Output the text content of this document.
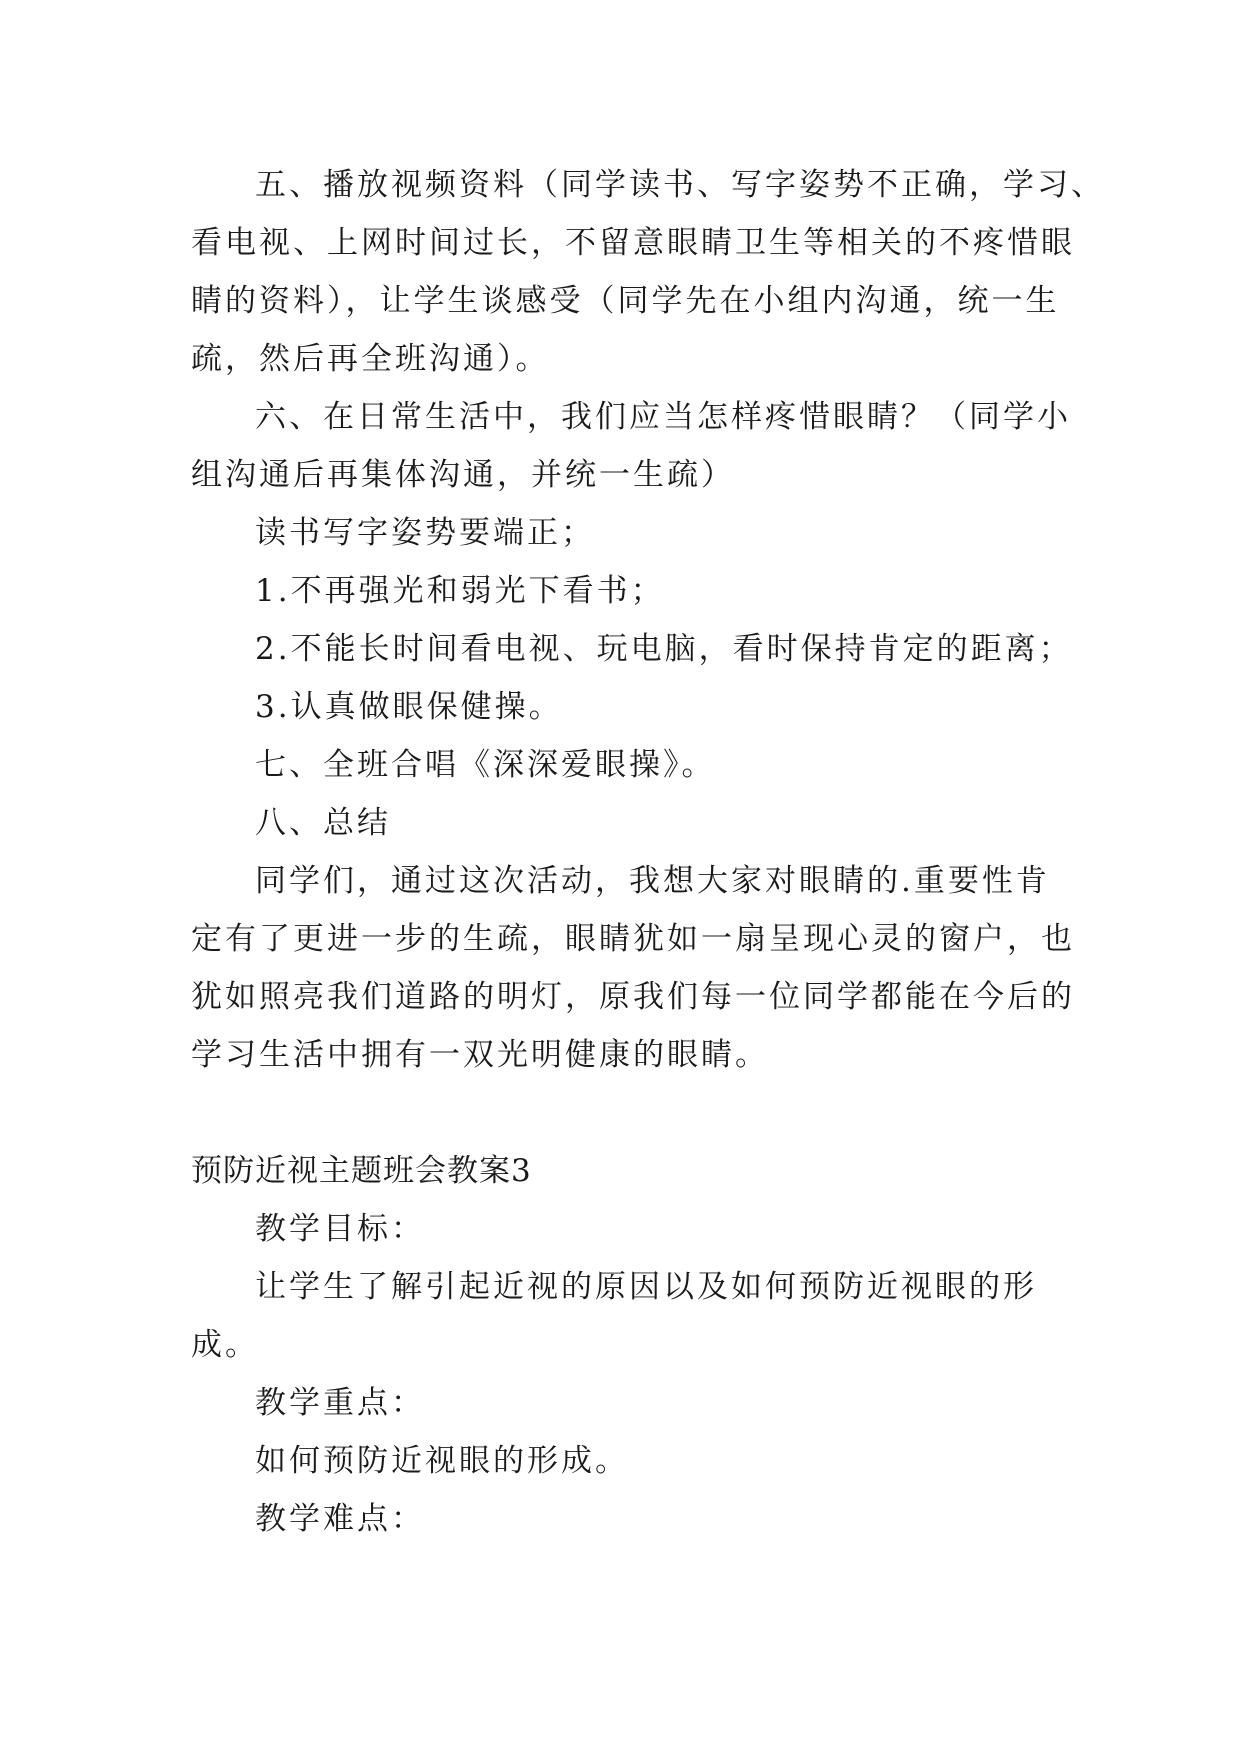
五、播放视频资料（同学读书、写字姿势不正确，学习、
看电视、上网时间过长，不留意眼睛卫生等相关的不疼惜眼
睛的资料），让学生谈感受（同学先在小组内沟通，统一生
疏，然后再全班沟通）。
六、在日常生活中，我们应当怎样疼惜眼睛？（同学小
组沟通后再集体沟通，并统一生疏）
读书写字姿势要端正；
1.不再强光和弱光下看书；
2.不能长时间看电视、玩电脑，看时保持肯定的距离；
3.认真做眼保健操。
七、全班合唱《深深爱眼操》。
八、总结
同学们，通过这次活动，我想大家对眼睛的.重要性肯
定有了更进一步的生疏，眼睛犹如一扇呈现心灵的窗户，也
犹如照亮我们道路的明灯，原我们每一位同学都能在今后的
学习生活中拥有一双光明健康的眼睛。
预防近视主题班会教案3
教学目标：
让学生了解引起近视的原因以及如何预防近视眼的形
成。
教学重点：
如何预防近视眼的形成。
教学难点：
